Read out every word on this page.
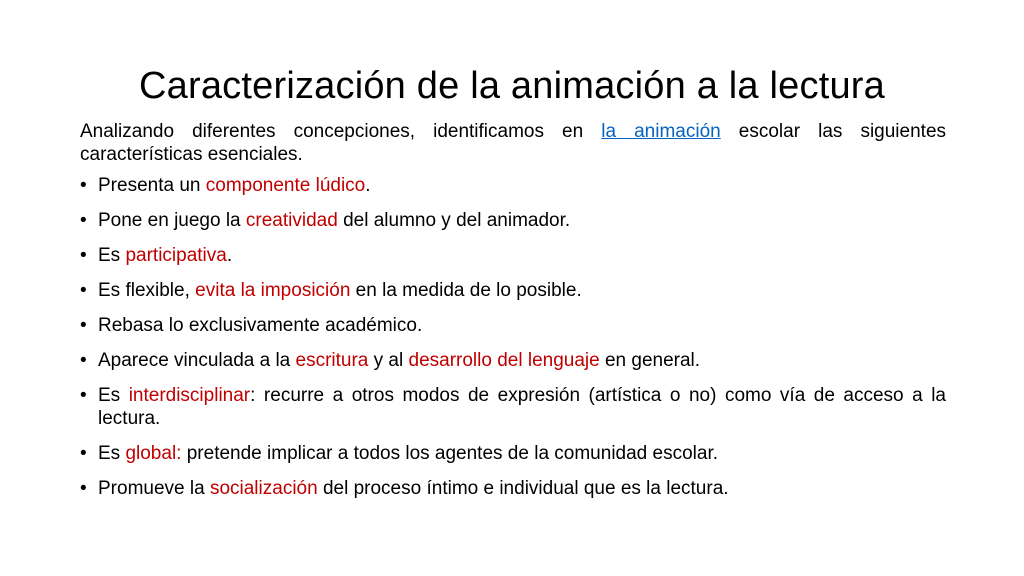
Caracterización de la animación a la lectura

Analizando diferentes concepciones, identificamos en la animación escolar las siguientes características esenciales.

• Presenta un componente lúdico.
• Pone en juego la creatividad del alumno y del animador.
• Es participativa.
• Es flexible, evita la imposición en la medida de lo posible.
• Rebasa lo exclusivamente académico.
• Aparece vinculada a la escritura y al desarrollo del lenguaje en general.
• Es interdisciplinar: recurre a otros modos de expresión (artística o no) como vía de acceso a la lectura.
• Es global: pretende implicar a todos los agentes de la comunidad escolar.
• Promueve la socialización del proceso íntimo e individual que es la lectura.
